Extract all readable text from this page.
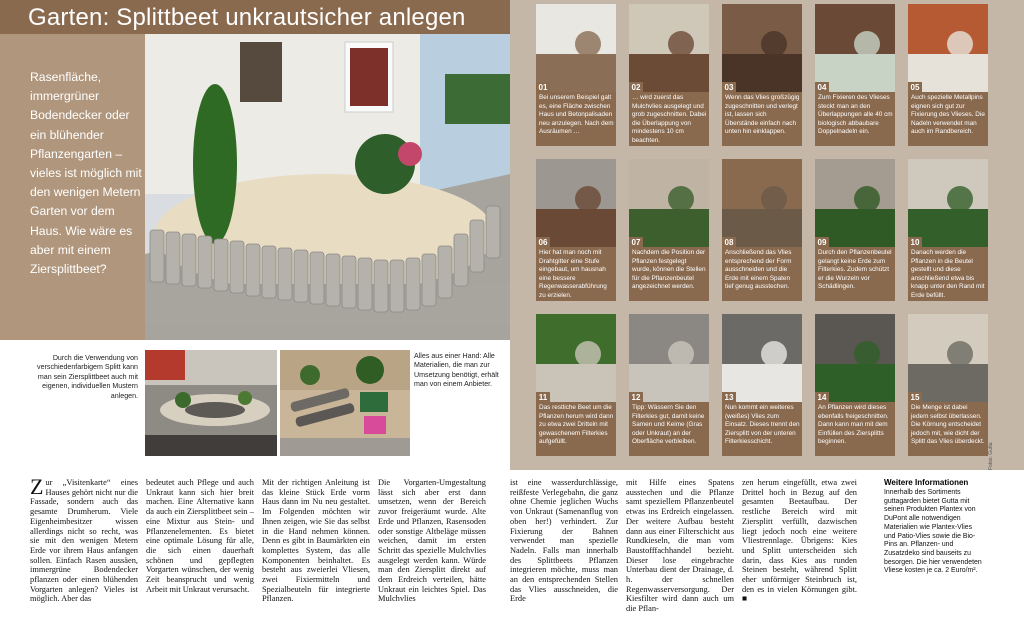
Garten: Splittbeet unkrautsicher anlegen
Rasenfläche, immergrüner Bodendecker oder ein blühender Pflanzengarten – vieles ist möglich mit den wenigen Metern Garten vor dem Haus. Wie wäre es aber mit einem Ziersplittbeet?
Durch die Verwendung von verschiedenfarbigem Splitt kann man sein Ziersplittbeet auch mit eigenen, individuellen Mustern anlegen.
Alles aus einer Hand: Alle Materialien, die man zur Umsetzung benötigt, erhält man von einem Anbieter.
01
Bei unserem Beispiel galt es, eine Fläche zwischen Haus und Betonpalisaden neu anzulegen. Nach dem Ausräumen …
02
… wird zuerst das Mulchvlies ausgelegt und grob zugeschnitten. Dabei die Überlappung von mindestens 10 cm beachten.
03
Wenn das Vlies großzügig zugeschnitten und verlegt ist, lassen sich Überstände einfach nach unten hin einklappen.
04
Zum Fixieren des Vlieses steckt man an den Überlappungen alle 40 cm biologisch abbaubare Doppelnadeln ein.
05
Auch spezielle Metallpins eignen sich gut zur Fixierung des Vlieses. Die Nadeln verwendet man auch im Randbereich.
06
Hier hat man noch mit Drahtgitter eine Stufe eingebaut, um hausnah eine bessere Regenwasserabführung zu erzielen.
07
Nachdem die Position der Pflanzen festgelegt wurde, können die Stellen für die Pflanzenbeutel angezeichnet werden.
08
Anschließend das Vlies entsprechend der Form ausschneiden und die Erde mit einem Spaten tief genug ausstechen.
09
Durch den Pflanzenbeutel gelangt keine Erde zum Filterkies. Zudem schützt er die Wurzeln vor Schädlingen.
10
Danach werden die Pflanzen in die Beutel gestellt und diese anschließend etwa bis knapp unter den Rand mit Erde befüllt.
11
Das restliche Beet um die Pflanzen herum wird dann zu etwa zwei Dritteln mit gewaschenem Filterkies aufgefüllt.
12
Tipp: Wässern Sie den Filterkies gut, damit keine Samen und Keime (Gras oder Unkraut) an der Oberfläche verbleiben.
13
Nun kommt ein weiteres (weißes) Vlies zum Einsatz. Dieses trennt den Ziersplitt von der unteren Filterkiesschicht.
14
An Pflanzen wird dieses ebenfalls freigeschnitten. Dann kann man mit dem Einfüllen des Ziersplitts beginnen.
15
Die Menge ist dabei jedem selbst überlassen. Die Körnung entscheidet jedoch mit, wie dicht der Splitt das Vlies überdeckt.
Zur „Visitenkarte“ eines Hauses gehört nicht nur die Fassade, sondern auch das gesamte Drumherum. Viele Eigenheimbesitzer wissen allerdings nicht so recht, was sie mit den wenigen Metern Erde vor ihrem Haus anfangen sollen. Einfach Rasen aussäen, immergrüne Bodendecker pflanzen oder einen blühenden Vorgarten anlegen? Vieles ist möglich. Aber das
bedeutet auch Pflege und auch Unkraut kann sich hier breit machen. Eine Alternative kann da auch ein Ziersplittbeet sein – eine Mixtur aus Stein- und Pflanzenelementen. Es bietet eine optimale Lösung für alle, die sich einen dauerhaft schönen und gepflegten Vorgarten wünschen, der wenig Zeit beansprucht und wenig Arbeit mit Unkraut verursacht.
Mit der richtigen Anleitung ist das kleine Stück Erde vorm Haus dann im Nu neu gestaltet. Im Folgenden möchten wir Ihnen zeigen, wie Sie das selbst in die Hand nehmen können. Denn es gibt in Baumärkten ein komplettes System, das alle Komponenten beinhaltet. Es besteht aus zweierlei Vliesen, zwei Fixiermitteln und Spezialbeuteln für integrierte Pflanzen.
Die Vorgarten-Umgestaltung lässt sich aber erst dann umsetzen, wenn der Bereich zuvor freigeräumt wurde. Alte Erde und Pflanzen, Rasensoden oder sonstige Altbeläge müssen weichen, damit im ersten Schritt das spezielle Mulchvlies ausgelegt werden kann. Würde man den Ziersplitt direkt auf dem Erdreich verteilen, hätte Unkraut ein leichtes Spiel. Das Mulchvlies
ist eine wasserdurchlässige, reißfeste Verlegebahn, die ganz ohne Chemie jeglichen Wuchs von Unkraut (Samenanflug von oben her!) verhindert. Zur Fixierung der Bahnen verwendet man spezielle Nadeln. Falls man innerhalb des Splittbeets Pflanzen integrieren möchte, muss man an den entsprechenden Stellen das Vlies ausschneiden, die Erde
mit Hilfe eines Spatens ausstechen und die Pflanze samt speziellem Pflanzenbeutel etwas ins Erdreich eingelassen. Der weitere Aufbau besteht dann aus einer Filterschicht aus Rundkieseln, die man vom Baustofffachhandel bezieht. Dieser lose eingebrachte Unterbau dient der Drainage, d. h. der schnellen Regenwasserversorgung. Der Kiesfilter wird dann auch um die Pflan-
zen herum eingefüllt, etwa zwei Drittel hoch in Bezug auf den gesamten Beetaufbau. Der restliche Bereich wird mit Ziersplitt verfüllt, dazwischen liegt jedoch noch eine weitere Vliestrennlage. Übrigens: Kies und Splitt unterscheiden sich darin, dass Kies aus runden Steinen besteht, während Splitt eher unförmiger Steinbruch ist, den es in vielen Körnungen gibt. ■
Weitere Informationen
Innerhalb des Sortiments guttagarden bietet Gutta mit seinen Produkten Plantex von DuPont alle notwendigen Materialien wie Plantex-Vlies und Patio-Vlies sowie die Bio-Pins an. Pflanzen- und Zusatzdeko sind bauseits zu besorgen. Die hier verwendeten Vliese kosten je ca. 2 Euro/m².
Fotos: Gutta
